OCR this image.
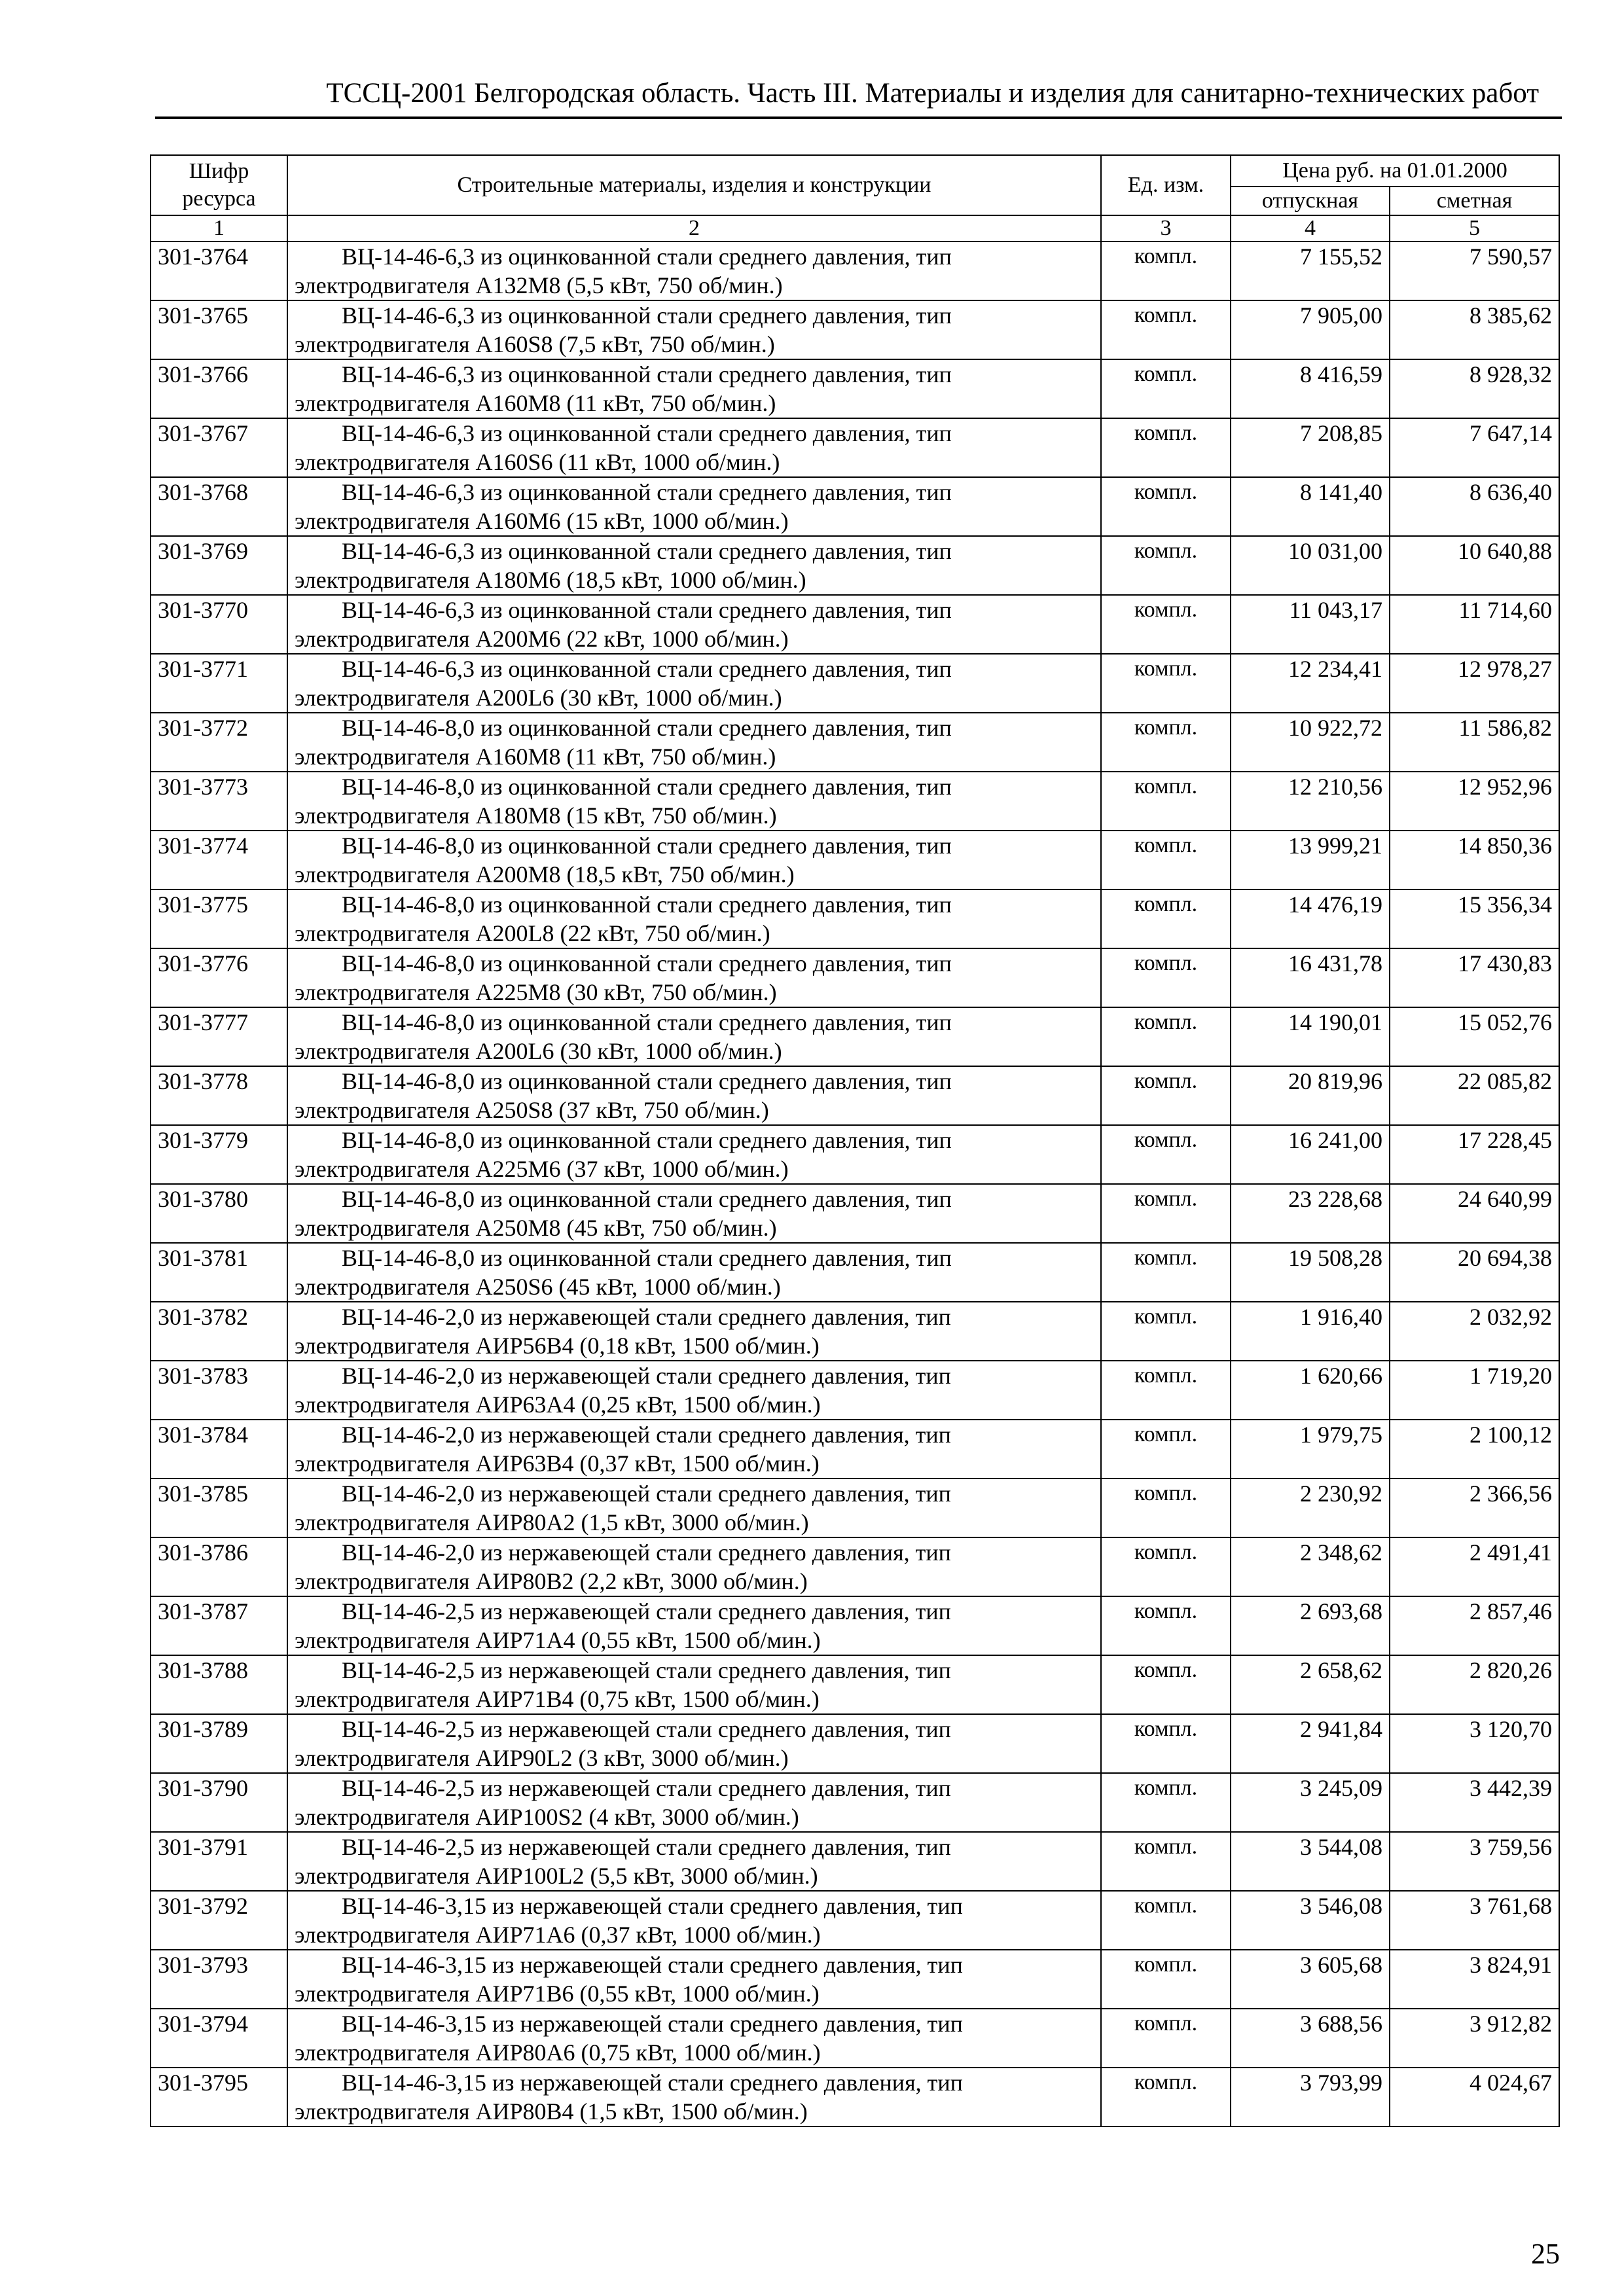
ТССЦ-2001 Белгородская область. Часть III. Материалы и изделия для санитарно-технических работ
Шифр ресурса	Строительные материалы, изделия и конструкции	Ед. изм.	Цена руб. на 01.01.2000	
			отпускная	сметная
1	2	3	4	5
301-3764	ВЦ-14-46-6,3 из оцинкованной стали среднего давления, тип
электродвигателя А132М8 (5,5 кВт, 750 об/мин.)	компл.	7 155,52	7 590,57
301-3765	ВЦ-14-46-6,3 из оцинкованной стали среднего давления, тип
электродвигателя А160S8 (7,5 кВт, 750 об/мин.)	компл.	7 905,00	8 385,62
301-3766	ВЦ-14-46-6,3 из оцинкованной стали среднего давления, тип
электродвигателя А160М8 (11 кВт, 750 об/мин.)	компл.	8 416,59	8 928,32
301-3767	ВЦ-14-46-6,3 из оцинкованной стали среднего давления, тип
электродвигателя А160S6 (11 кВт, 1000 об/мин.)	компл.	7 208,85	7 647,14
301-3768	ВЦ-14-46-6,3 из оцинкованной стали среднего давления, тип
электродвигателя А160М6 (15 кВт, 1000 об/мин.)	компл.	8 141,40	8 636,40
301-3769	ВЦ-14-46-6,3 из оцинкованной стали среднего давления, тип
электродвигателя А180М6 (18,5 кВт, 1000 об/мин.)	компл.	10 031,00	10 640,88
301-3770	ВЦ-14-46-6,3 из оцинкованной стали среднего давления, тип
электродвигателя А200М6 (22 кВт, 1000 об/мин.)	компл.	11 043,17	11 714,60
301-3771	ВЦ-14-46-6,3 из оцинкованной стали среднего давления, тип
электродвигателя А200L6 (30 кВт, 1000 об/мин.)	компл.	12 234,41	12 978,27
301-3772	ВЦ-14-46-8,0 из оцинкованной стали среднего давления, тип
электродвигателя А160М8 (11 кВт, 750 об/мин.)	компл.	10 922,72	11 586,82
301-3773	ВЦ-14-46-8,0 из оцинкованной стали среднего давления, тип
электродвигателя А180М8 (15 кВт, 750 об/мин.)	компл.	12 210,56	12 952,96
301-3774	ВЦ-14-46-8,0 из оцинкованной стали среднего давления, тип
электродвигателя А200М8 (18,5 кВт, 750 об/мин.)	компл.	13 999,21	14 850,36
301-3775	ВЦ-14-46-8,0 из оцинкованной стали среднего давления, тип
электродвигателя А200L8 (22 кВт, 750 об/мин.)	компл.	14 476,19	15 356,34
301-3776	ВЦ-14-46-8,0 из оцинкованной стали среднего давления, тип
электродвигателя А225М8 (30 кВт, 750 об/мин.)	компл.	16 431,78	17 430,83
301-3777	ВЦ-14-46-8,0 из оцинкованной стали среднего давления, тип
электродвигателя А200L6 (30 кВт, 1000 об/мин.)	компл.	14 190,01	15 052,76
301-3778	ВЦ-14-46-8,0 из оцинкованной стали среднего давления, тип
электродвигателя А250S8 (37 кВт, 750 об/мин.)	компл.	20 819,96	22 085,82
301-3779	ВЦ-14-46-8,0 из оцинкованной стали среднего давления, тип
электродвигателя А225М6 (37 кВт, 1000 об/мин.)	компл.	16 241,00	17 228,45
301-3780	ВЦ-14-46-8,0 из оцинкованной стали среднего давления, тип
электродвигателя А250М8 (45 кВт, 750 об/мин.)	компл.	23 228,68	24 640,99
301-3781	ВЦ-14-46-8,0 из оцинкованной стали среднего давления, тип
электродвигателя А250S6 (45 кВт, 1000 об/мин.)	компл.	19 508,28	20 694,38
301-3782	ВЦ-14-46-2,0 из нержавеющей стали среднего давления, тип
электродвигателя АИР56В4 (0,18 кВт, 1500 об/мин.)	компл.	1 916,40	2 032,92
301-3783	ВЦ-14-46-2,0 из нержавеющей стали среднего давления, тип
электродвигателя АИР63А4 (0,25 кВт, 1500 об/мин.)	компл.	1 620,66	1 719,20
301-3784	ВЦ-14-46-2,0 из нержавеющей стали среднего давления, тип
электродвигателя АИР63В4 (0,37 кВт, 1500 об/мин.)	компл.	1 979,75	2 100,12
301-3785	ВЦ-14-46-2,0 из нержавеющей стали среднего давления, тип
электродвигателя АИР80А2 (1,5 кВт, 3000 об/мин.)	компл.	2 230,92	2 366,56
301-3786	ВЦ-14-46-2,0 из нержавеющей стали среднего давления, тип
электродвигателя АИР80В2 (2,2 кВт, 3000 об/мин.)	компл.	2 348,62	2 491,41
301-3787	ВЦ-14-46-2,5 из нержавеющей стали среднего давления, тип
электродвигателя АИР71А4 (0,55 кВт, 1500 об/мин.)	компл.	2 693,68	2 857,46
301-3788	ВЦ-14-46-2,5 из нержавеющей стали среднего давления, тип
электродвигателя АИР71В4 (0,75 кВт, 1500 об/мин.)	компл.	2 658,62	2 820,26
301-3789	ВЦ-14-46-2,5 из нержавеющей стали среднего давления, тип
электродвигателя АИР90L2 (3 кВт, 3000 об/мин.)	компл.	2 941,84	3 120,70
301-3790	ВЦ-14-46-2,5 из нержавеющей стали среднего давления, тип
электродвигателя АИР100S2 (4 кВт, 3000 об/мин.)	компл.	3 245,09	3 442,39
301-3791	ВЦ-14-46-2,5 из нержавеющей стали среднего давления, тип
электродвигателя АИР100L2 (5,5 кВт, 3000 об/мин.)	компл.	3 544,08	3 759,56
301-3792	ВЦ-14-46-3,15 из нержавеющей стали среднего давления, тип
электродвигателя АИР71А6 (0,37 кВт, 1000 об/мин.)	компл.	3 546,08	3 761,68
301-3793	ВЦ-14-46-3,15 из нержавеющей стали среднего давления, тип
электродвигателя АИР71В6 (0,55 кВт, 1000 об/мин.)	компл.	3 605,68	3 824,91
301-3794	ВЦ-14-46-3,15 из нержавеющей стали среднего давления, тип
электродвигателя АИР80А6 (0,75 кВт, 1000 об/мин.)	компл.	3 688,56	3 912,82
301-3795	ВЦ-14-46-3,15 из нержавеющей стали среднего давления, тип
электродвигателя АИР80В4 (1,5 кВт, 1500 об/мин.)	компл.	3 793,99	4 024,67
25
